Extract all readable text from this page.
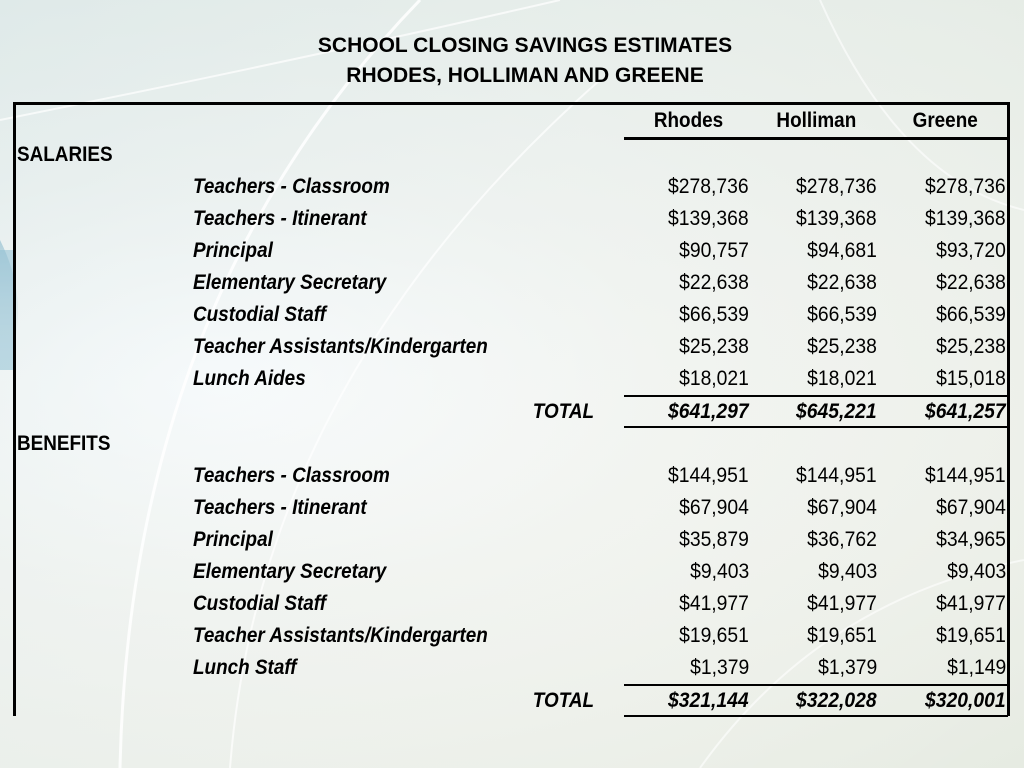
SCHOOL CLOSING SAVINGS ESTIMATES
RHODES, HOLLIMAN AND GREENE
Rhodes	Holliman	Greene
SALARIES
Teachers - Classroom	$278,736 $278,736 $278,736
Teachers - Itinerant	$139,368 $139,368 $139,368
Principal	$90,757	$94,681	$93,720
Elementary Secretary	$22,638	$22,638	$22,638
Custodial Staff	$66,539	$66,539	$66,539
Teacher Assistants/Kindergarten	$25,238	$25,238	$25,238
Lunch Aides	$18,021	$18,021	$15,018
TOTAL	$641,297 $645,221 $641,257
BENEFITS
Teachers - Classroom	$144,951 $144,951 $144,951
Teachers - Itinerant	$67,904	$67,904	$67,904
Principal	$35,879	$36,762	$34,965
Elementary Secretary	$9,403	$9,403	$9,403
Custodial Staff	$41,977	$41,977	$41,977
Teacher Assistants/Kindergarten	$19,651	$19,651	$19,651
Lunch Staff	$1,379	$1,379	$1,149
TOTAL	$321,144 $322,028 $320,001
